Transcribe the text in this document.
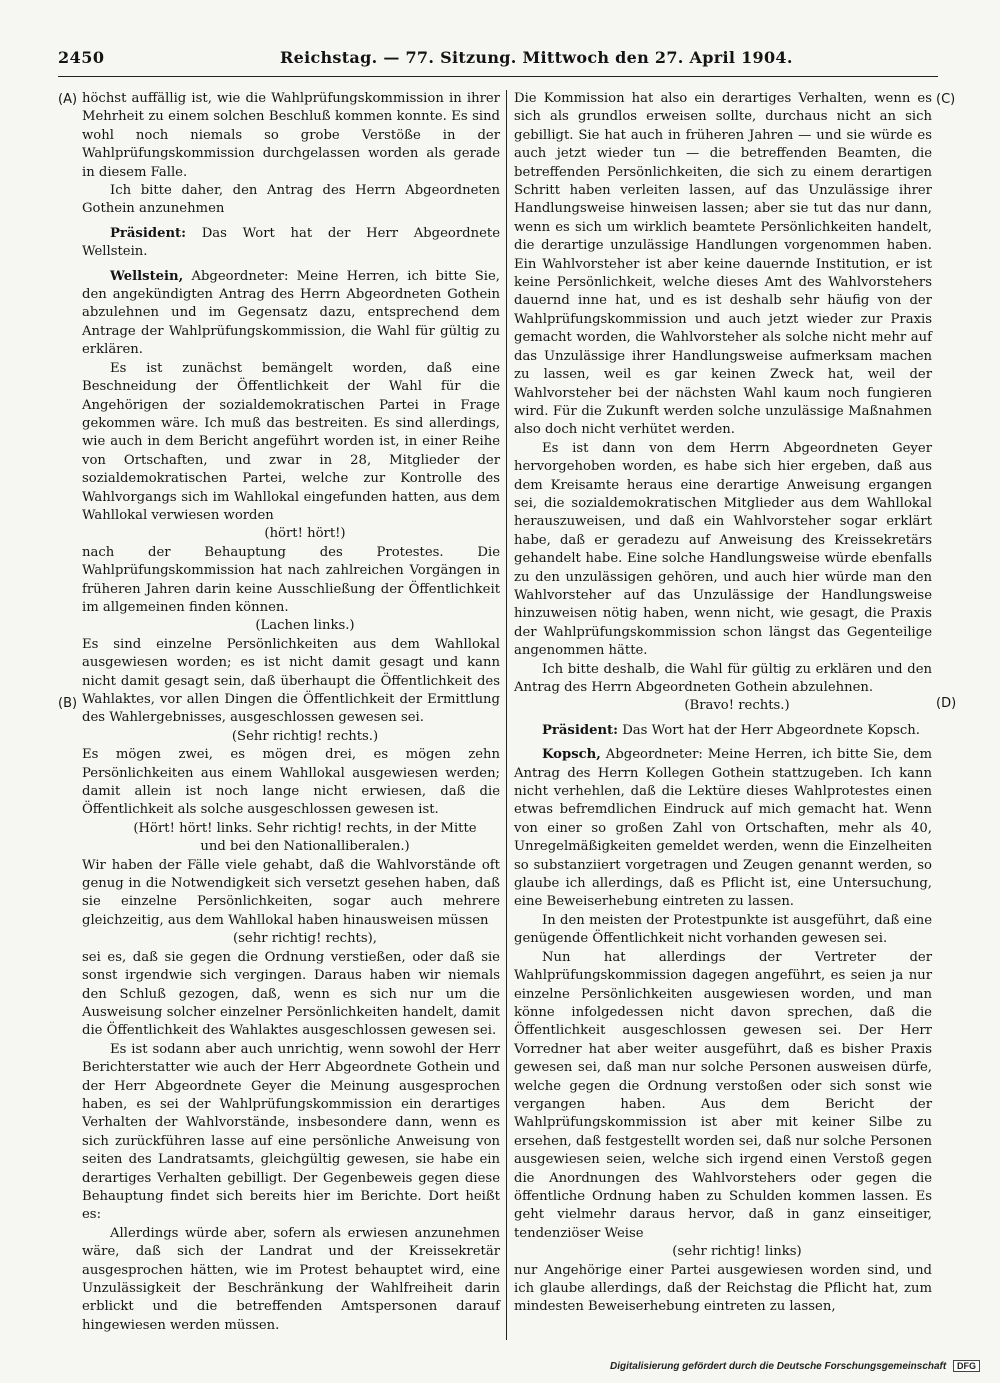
2450	Reichstag. — 77. Sitzung. Mittwoch den 27. April 1904.
(A)
(B)
(C)
(D)

höchst auffällig ist, wie die Wahlprüfungskommission in ihrer Mehrheit zu einem solchen Beschluß kommen konnte. Es sind wohl noch niemals so grobe Verstöße in der Wahlprüfungskommission durchgelassen worden als gerade in diesem Falle.

Ich bitte daher, den Antrag des Herrn Abgeordneten Gothein anzunehmen

Präsident: Das Wort hat der Herr Abgeordnete Wellstein.

Wellstein, Abgeordneter: Meine Herren, ich bitte Sie, den angekündigten Antrag des Herrn Abgeordneten Gothein abzulehnen und im Gegensatz dazu, entsprechend dem Antrage der Wahlprüfungskommission, die Wahl für gültig zu erklären.

Es ist zunächst bemängelt worden, daß eine Beschneidung der Öffentlichkeit der Wahl für die Angehörigen der sozialdemokratischen Partei in Frage gekommen wäre. Ich muß das bestreiten. Es sind allerdings, wie auch in dem Bericht angeführt worden ist, in einer Reihe von Ortschaften, und zwar in 28, Mitglieder der sozialdemokratischen Partei, welche zur Kontrolle des Wahlvorgangs sich im Wahllokal eingefunden hatten, aus dem Wahllokal verwiesen worden

(hört! hört!)

nach der Behauptung des Protestes. Die Wahlprüfungskommission hat nach zahlreichen Vorgängen in früheren Jahren darin keine Ausschließung der Öffentlichkeit im allgemeinen finden können.

(Lachen links.)

Es sind einzelne Persönlichkeiten aus dem Wahllokal ausgewiesen worden; es ist nicht damit gesagt und kann nicht damit gesagt sein, daß überhaupt die Öffentlichkeit des Wahlaktes, vor allen Dingen die Öffentlichkeit der Ermittlung des Wahlergebnisses, ausgeschlossen gewesen sei.

(Sehr richtig! rechts.)

Es mögen zwei, es mögen drei, es mögen zehn Persönlichkeiten aus einem Wahllokal ausgewiesen werden; damit allein ist noch lange nicht erwiesen, daß die Öffentlichkeit als solche ausgeschlossen gewesen ist.

(Hört! hört! links. Sehr richtig! rechts, in der Mitte

und bei den Nationalliberalen.)

Wir haben der Fälle viele gehabt, daß die Wahlvorstände oft genug in die Notwendigkeit sich versetzt gesehen haben, daß sie einzelne Persönlichkeiten, sogar auch mehrere gleichzeitig, aus dem Wahllokal haben hinausweisen müssen

(sehr richtig! rechts),

sei es, daß sie gegen die Ordnung verstießen, oder daß sie sonst irgendwie sich vergingen. Daraus haben wir niemals den Schluß gezogen, daß, wenn es sich nur um die Ausweisung solcher einzelner Persönlichkeiten handelt, damit die Öffentlichkeit des Wahlaktes ausgeschlossen gewesen sei.

Es ist sodann aber auch unrichtig, wenn sowohl der Herr Berichterstatter wie auch der Herr Abgeordnete Gothein und der Herr Abgeordnete Geyer die Meinung ausgesprochen haben, es sei der Wahlprüfungskommission ein derartiges Verhalten der Wahlvorstände, insbesondere dann, wenn es sich zurückführen lasse auf eine persönliche Anweisung von seiten des Landratsamts, gleichgültig gewesen, sie habe ein derartiges Verhalten gebilligt. Der Gegenbeweis gegen diese Behauptung findet sich bereits hier im Berichte. Dort heißt es:

Allerdings würde aber, sofern als erwiesen anzunehmen wäre, daß sich der Landrat und der Kreissekretär ausgesprochen hätten, wie im Protest behauptet wird, eine Unzulässigkeit der Beschränkung der Wahlfreiheit darin erblickt und die betreffenden Amtspersonen darauf hingewiesen werden müssen.

Die Kommission hat also ein derartiges Verhalten, wenn es sich als grundlos erweisen sollte, durchaus nicht an sich gebilligt. Sie hat auch in früheren Jahren — und sie würde es auch jetzt wieder tun — die betreffenden Beamten, die betreffenden Persönlichkeiten, die sich zu einem derartigen Schritt haben verleiten lassen, auf das Unzulässige ihrer Handlungsweise hinweisen lassen; aber sie tut das nur dann, wenn es sich um wirklich beamtete Persönlichkeiten handelt, die derartige unzulässige Handlungen vorgenommen haben. Ein Wahlvorsteher ist aber keine dauernde Institution, er ist keine Persönlichkeit, welche dieses Amt des Wahlvorstehers dauernd inne hat, und es ist deshalb sehr häufig von der Wahlprüfungskommission und auch jetzt wieder zur Praxis gemacht worden, die Wahlvorsteher als solche nicht mehr auf das Unzulässige ihrer Handlungsweise aufmerksam machen zu lassen, weil es gar keinen Zweck hat, weil der Wahlvorsteher bei der nächsten Wahl kaum noch fungieren wird. Für die Zukunft werden solche unzulässige Maßnahmen also doch nicht verhütet werden.

Es ist dann von dem Herrn Abgeordneten Geyer hervorgehoben worden, es habe sich hier ergeben, daß aus dem Kreisamte heraus eine derartige Anweisung ergangen sei, die sozialdemokratischen Mitglieder aus dem Wahllokal herauszuweisen, und daß ein Wahlvorsteher sogar erklärt habe, daß er geradezu auf Anweisung des Kreissekretärs gehandelt habe. Eine solche Handlungsweise würde ebenfalls zu den unzulässigen gehören, und auch hier würde man den Wahlvorsteher auf das Unzulässige der Handlungsweise hinzuweisen nötig haben, wenn nicht, wie gesagt, die Praxis der Wahlprüfungskommission schon längst das Gegenteilige angenommen hätte.

Ich bitte deshalb, die Wahl für gültig zu erklären und den Antrag des Herrn Abgeordneten Gothein abzulehnen.

(Bravo! rechts.)

Präsident: Das Wort hat der Herr Abgeordnete Kopsch.

Kopsch, Abgeordneter: Meine Herren, ich bitte Sie, dem Antrag des Herrn Kollegen Gothein stattzugeben. Ich kann nicht verhehlen, daß die Lektüre dieses Wahlprotestes einen etwas befremdlichen Eindruck auf mich gemacht hat. Wenn von einer so großen Zahl von Ortschaften, mehr als 40, Unregelmäßigkeiten gemeldet werden, wenn die Einzelheiten so substanziiert vorgetragen und Zeugen genannt werden, so glaube ich allerdings, daß es Pflicht ist, eine Untersuchung, eine Beweiserhebung eintreten zu lassen.

In den meisten der Protestpunkte ist ausgeführt, daß eine genügende Öffentlichkeit nicht vorhanden gewesen sei.

Nun hat allerdings der Vertreter der Wahlprüfungskommission dagegen angeführt, es seien ja nur einzelne Persönlichkeiten ausgewiesen worden, und man könne infolgedessen nicht davon sprechen, daß die Öffentlichkeit ausgeschlossen gewesen sei. Der Herr Vorredner hat aber weiter ausgeführt, daß es bisher Praxis gewesen sei, daß man nur solche Personen ausweisen dürfe, welche gegen die Ordnung verstoßen oder sich sonst wie vergangen haben. Aus dem Bericht der Wahlprüfungskommission ist aber mit keiner Silbe zu ersehen, daß festgestellt worden sei, daß nur solche Personen ausgewiesen seien, welche sich irgend einen Verstoß gegen die Anordnungen des Wahlvorstehers oder gegen die öffentliche Ordnung haben zu Schulden kommen lassen. Es geht vielmehr daraus hervor, daß in ganz einseitiger, tendenziöser Weise

(sehr richtig! links)

nur Angehörige einer Partei ausgewiesen worden sind, und ich glaube allerdings, daß der Reichstag die Pflicht hat, zum mindesten Beweiserhebung eintreten zu lassen,

Digitalisierung gefördert durch die Deutsche Forschungsgemeinschaft DFG
